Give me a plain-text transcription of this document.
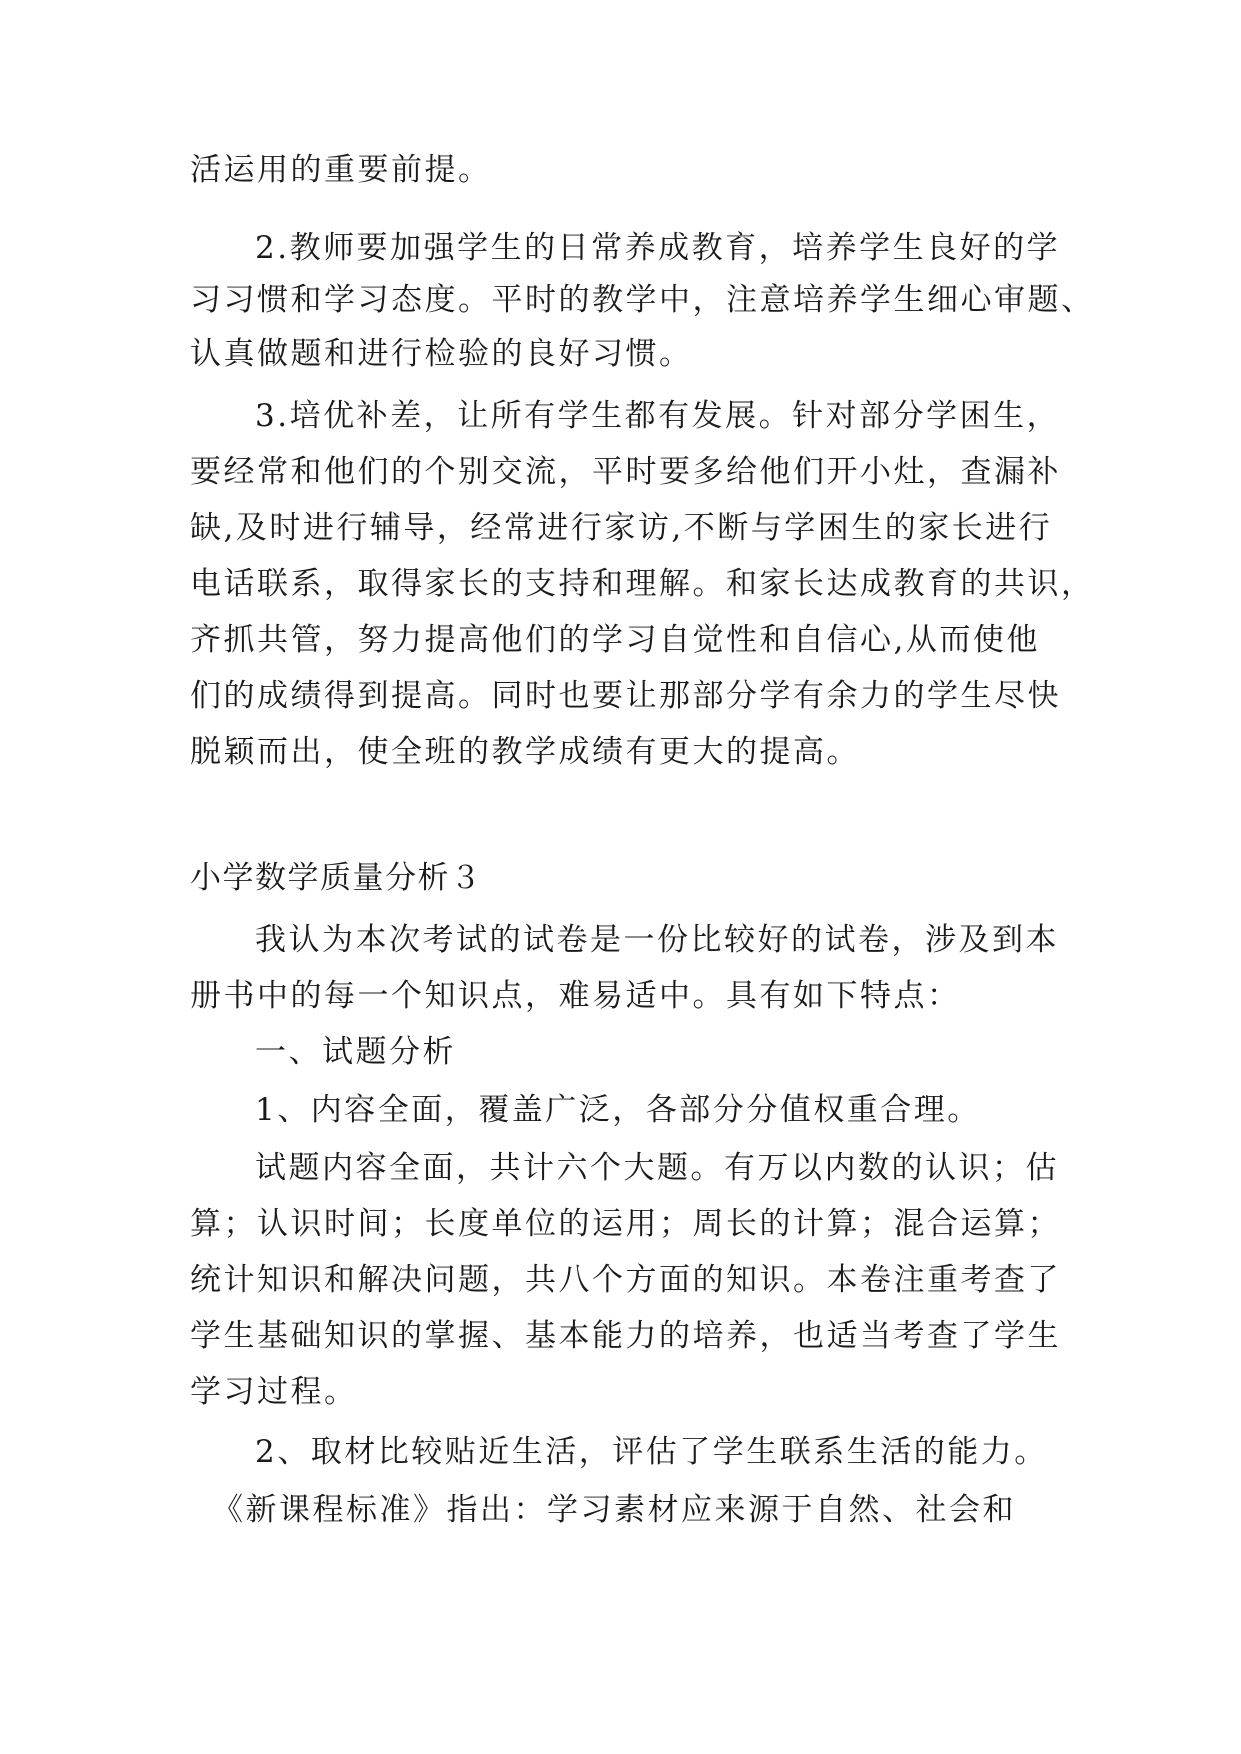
活运用的重要前提。
2.教师要加强学生的日常养成教育，培养学生良好的学
习习惯和学习态度。平时的教学中，注意培养学生细心审题、
认真做题和进行检验的良好习惯。
3.培优补差，让所有学生都有发展。针对部分学困生，
要经常和他们的个别交流，平时要多给他们开小灶，查漏补
缺,及时进行辅导，经常进行家访,不断与学困生的家长进行
电话联系，取得家长的支持和理解。和家长达成教育的共识，
齐抓共管，努力提高他们的学习自觉性和自信心,从而使他
们的成绩得到提高。同时也要让那部分学有余力的学生尽快
脱颖而出，使全班的教学成绩有更大的提高。
小学数学质量分析３
我认为本次考试的试卷是一份比较好的试卷，涉及到本
册书中的每一个知识点，难易适中。具有如下特点：
一、试题分析
1、内容全面，覆盖广泛，各部分分值权重合理。
试题内容全面，共计六个大题。有万以内数的认识；估
算；认识时间；长度单位的运用；周长的计算；混合运算；
统计知识和解决问题，共八个方面的知识。本卷注重考查了
学生基础知识的掌握、基本能力的培养，也适当考查了学生
学习过程。
2、取材比较贴近生活，评估了学生联系生活的能力。
《新课程标准》指出：学习素材应来源于自然、社会和
